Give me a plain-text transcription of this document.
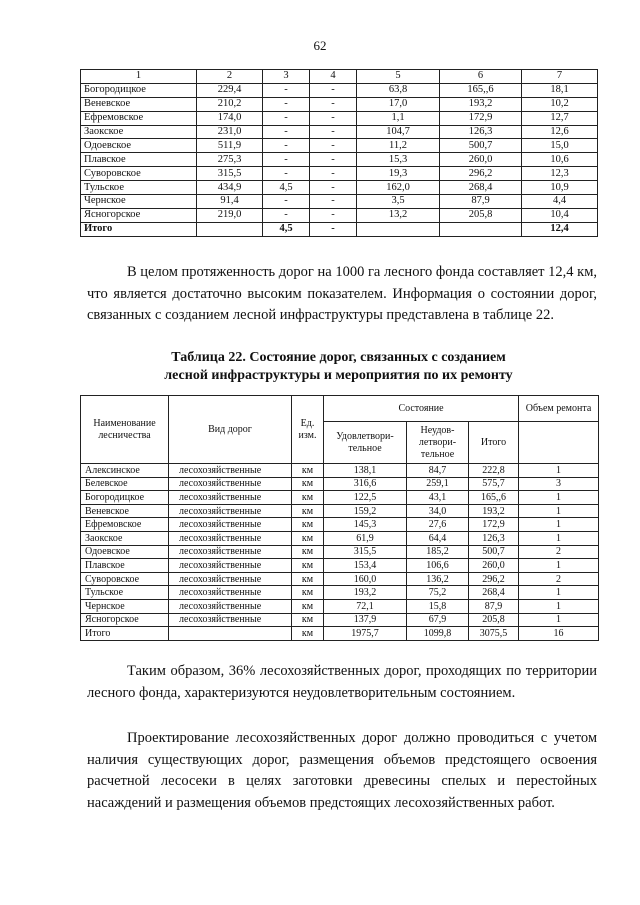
62
1	2	3	4	5	6	7
Богородицкое	229,4	-	-	63,8	165,,6	18,1
Веневское	210,2	-	-	17,0	193,2	10,2
Ефремовское	174,0	-	-	1,1	172,9	12,7
Заокское	231,0	-	-	104,7	126,3	12,6
Одоевское	511,9	-	-	11,2	500,7	15,0
Плавское	275,3	-	-	15,3	260,0	10,6
Суворовское	315,5	-	-	19,3	296,2	12,3
Тульское	434,9	4,5	-	162,0	268,4	10,9
Чернское	91,4	-	-	3,5	87,9	4,4
Ясногорское	219,0	-	-	13,2	205,8	10,4
Итого		4,5	-			12,4
В целом протяженность дорог на 1000 га лесного фонда составляет 12,4 км, что является достаточно высоким показателем. Информация о состоянии дорог, связанных с созданием лесной инфраструктуры представлена в таблице 22.
Таблица 22. Состояние дорог, связанных с созданием
лесной инфраструктуры и мероприятия по их ремонту
Наименование лесничества	Вид дорог	Ед. изм.	Состояние			Объем ремонта
			Удовлетвори-тельное	Неудов-летвори-тельное	Итого	
Алексинское	лесохозяйственные	км	138,1	84,7	222,8	1
Белевское	лесохозяйственные	км	316,6	259,1	575,7	3
Богородицкое	лесохозяйственные	км	122,5	43,1	165,,6	1
Веневское	лесохозяйственные	км	159,2	34,0	193,2	1
Ефремовское	лесохозяйственные	км	145,3	27,6	172,9	1
Заокское	лесохозяйственные	км	61,9	64,4	126,3	1
Одоевское	лесохозяйственные	км	315,5	185,2	500,7	2
Плавское	лесохозяйственные	км	153,4	106,6	260,0	1
Суворовское	лесохозяйственные	км	160,0	136,2	296,2	2
Тульское	лесохозяйственные	км	193,2	75,2	268,4	1
Чернское	лесохозяйственные	км	72,1	15,8	87,9	1
Ясногорское	лесохозяйственные	км	137,9	67,9	205,8	1
Итого		км	1975,7	1099,8	3075,5	16
Таким образом, 36% лесохозяйственных дорог, проходящих по территории лесного фонда, характеризуются неудовлетворительным состоянием.
Проектирование лесохозяйственных дорог должно проводиться с учетом наличия существующих дорог, размещения объемов предстоящего освоения расчетной лесосеки в целях заготовки древесины спелых и перестойных насаждений и размещения объемов предстоящих лесохозяйственных работ.
